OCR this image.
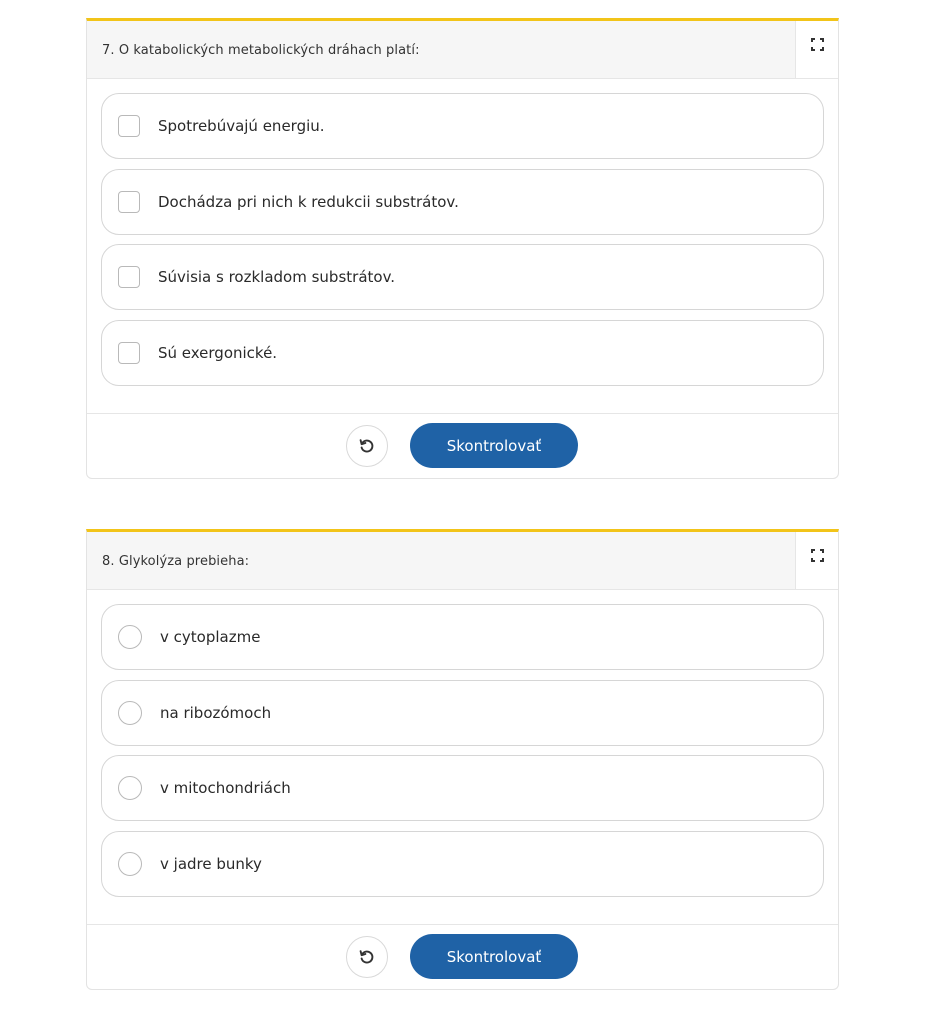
7. O katabolických metabolických dráhach platí:
Spotrebúvajú energiu.
Dochádza pri nich k redukcii substrátov.
Súvisia s rozkladom substrátov.
Sú exergonické.
Skontrolovať
8. Glykolýza prebieha:
v cytoplazme
na ribozómoch
v mitochondriách
v jadre bunky
Skontrolovať
